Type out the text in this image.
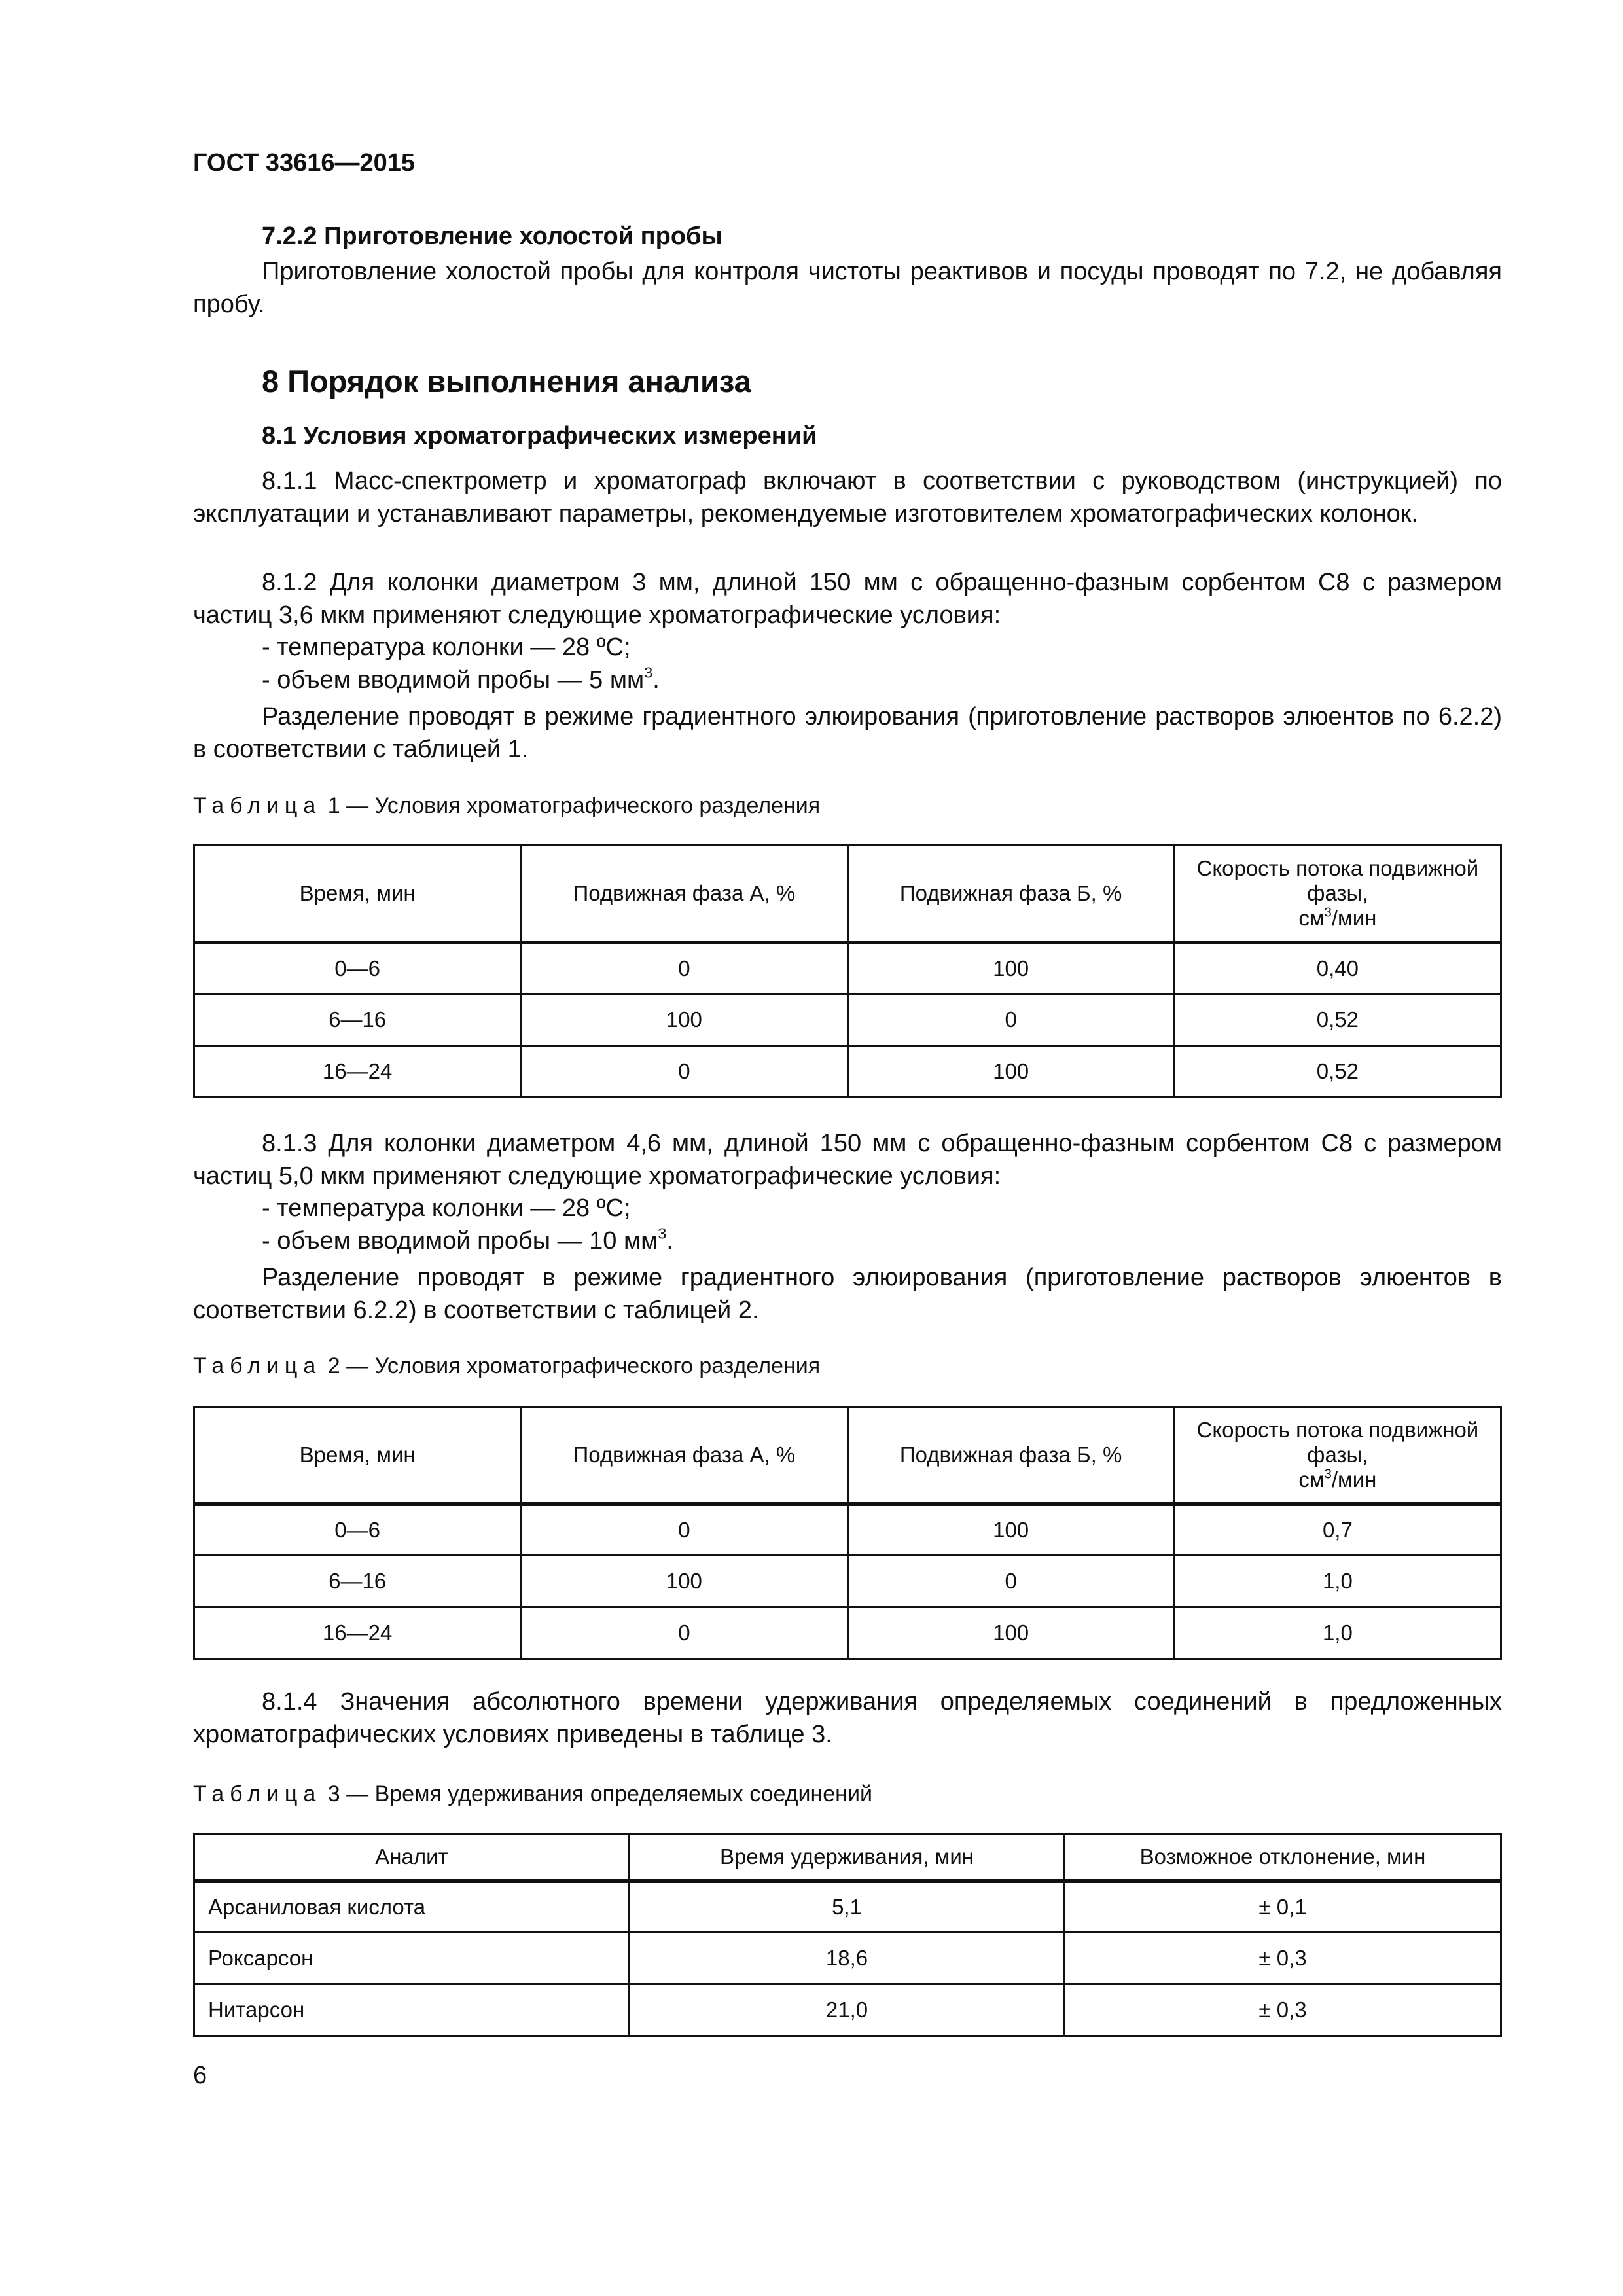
ГОСТ 33616—2015
7.2.2 Приготовление холостой пробы
Приготовление холостой пробы для контроля чистоты реактивов и посуды проводят по 7.2, не добавляя пробу.
8 Порядок выполнения анализа
8.1 Условия хроматографических измерений
8.1.1 Масс-спектрометр и хроматограф включают в соответствии с руководством (инструкцией) по эксплуатации и устанавливают параметры, рекомендуемые изготовителем хроматографических колонок.
8.1.2 Для колонки диаметром 3 мм, длиной 150 мм с обращенно-фазным сорбентом С8 с размером частиц 3,6 мкм применяют следующие хроматографические условия:
- температура колонки — 28 ºС;
- объем вводимой пробы — 5 $мм^3$.
Разделение проводят в режиме градиентного элюирования (приготовление растворов элюентов по 6.2.2) в соответствии с таблицей 1.
Таблица 1 — Условия хроматографического разделения
Время, мин	Подвижная фаза А, %	Подвижная фаза Б, %	Скорость потока подвижной фазы,
$см^3$/мин
0—6	0	100	0,40
6—16	100	0	0,52
16—24	0	100	0,52
8.1.3 Для колонки диаметром 4,6 мм, длиной 150 мм с обращенно-фазным сорбентом С8 с размером частиц 5,0 мкм применяют следующие хроматографические условия:
- температура колонки — 28 ºС;
- объем вводимой пробы — 10 $мм^3$.
Разделение проводят в режиме градиентного элюирования (приготовление растворов элюентов в соответствии 6.2.2) в соответствии с таблицей 2.
Таблица 2 — Условия хроматографического разделения
Время, мин	Подвижная фаза А, %	Подвижная фаза Б, %	Скорость потока подвижной фазы,
$см^3$/мин
0—6	0	100	0,7
6—16	100	0	1,0
16—24	0	100	1,0
8.1.4 Значения абсолютного времени удерживания определяемых соединений в предложенных хроматографических условиях приведены в таблице 3.
Таблица 3 — Время удерживания определяемых соединений
Аналит	Время удерживания, мин	Возможное отклонение, мин
Арсаниловая кислота	5,1	± 0,1
Роксарсон	18,6	± 0,3
Нитарсон	21,0	± 0,3
6
